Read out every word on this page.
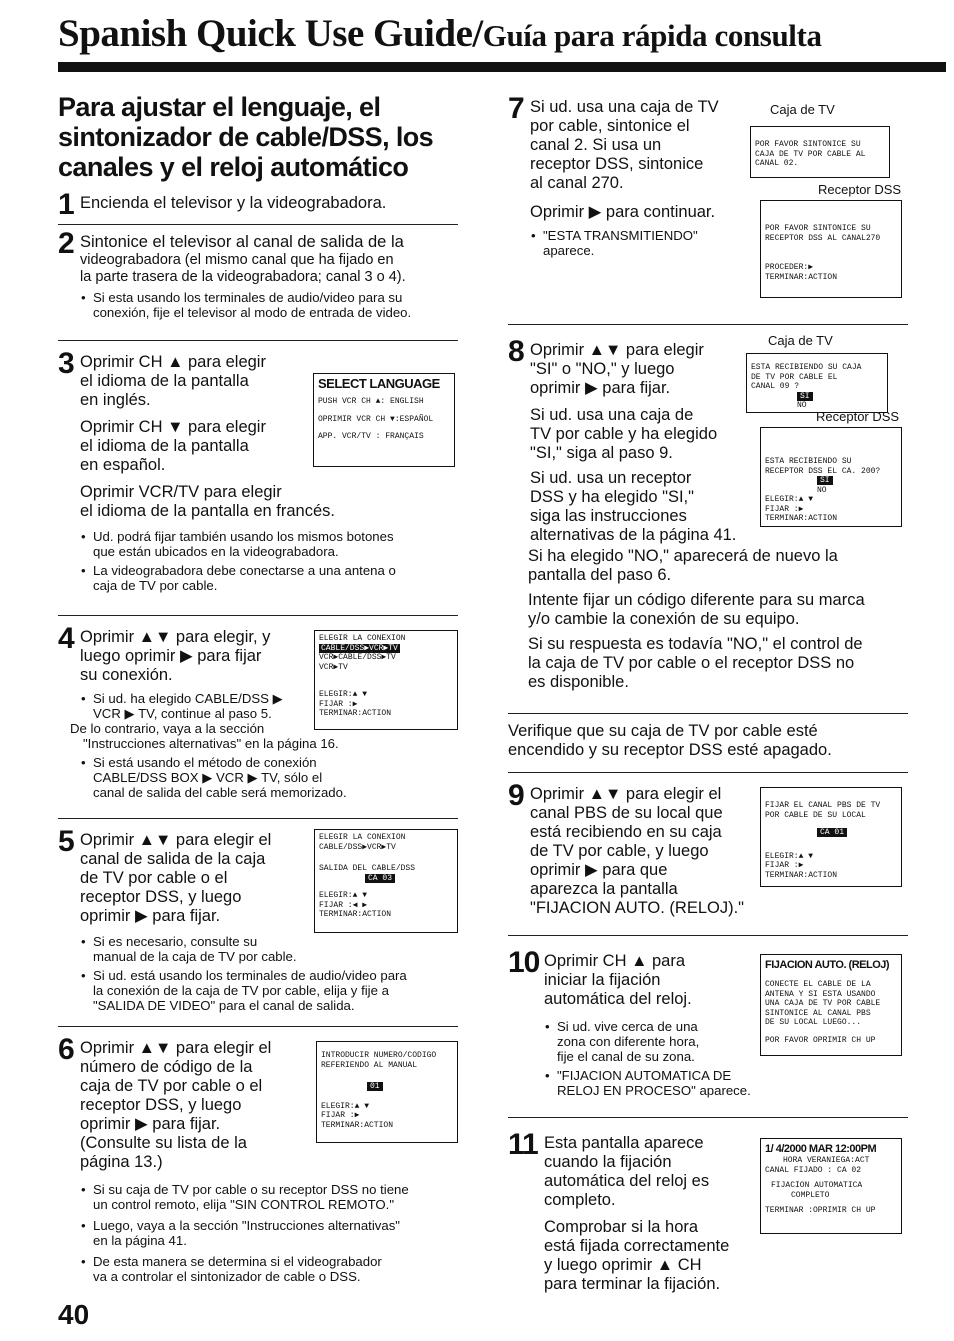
Spanish Quick Use Guide/Guía para rápida consulta
Para ajustar el lenguaje, el
sintonizador de cable/DSS, los
canales y el reloj automático
1 Encienda el televisor y la videograbadora.

2 Sintonice el televisor al canal de salida de la

videograbadora (el mismo canal que ha fijado en

la parte trasera de la videograbadora; canal 3 o 4).

• Si esta usando los terminales de audio/video para su
conexión, fije el televisor al modo de entrada de video.
3 Oprimir CH ▲ para elegir

el idioma de la pantalla

en inglés.

Oprimir CH ▼ para elegir

el idioma de la pantalla

en español.

Oprimir VCR/TV para elegir

el idioma de la pantalla en francés.

• Ud. podrá fijar también usando los mismos botones
que están ubicados en la videograbadora.
• La videograbadora debe conectarse a una antena o
caja de TV por cable.
SELECT LANGUAGE
PUSH VCR CH ▲: ENGLISH
OPRIMIR VCR CH ▼:ESPAÑOL
APP. VCR/TV : FRANÇAIS
4 Oprimir ▲▼ para elegir, y

luego oprimir ▶ para fijar

su conexión.

• Si ud. ha elegido CABLE/DSS ▶
VCR ▶ TV, continue al paso 5.
De lo contrario, vaya a la sección
"Instrucciones alternativas" en la página 16.
• Si está usando el método de conexión
CABLE/DSS BOX ▶ VCR ▶ TV, sólo el
canal de salida del cable será memorizado.
ELEGIR LA CONEXION
CABLE/DSS▶VCR▶TV
VCR▶CABLE/DSS▶TV
VCR▶TV
ELEGIR:▲ ▼
FIJAR :▶
TERMINAR:ACTION
5 Oprimir ▲▼ para elegir el

canal de salida de la caja

de TV por cable o el

receptor DSS, y luego

oprimir ▶ para fijar.

• Si es necesario, consulte su
manual de la caja de TV por cable.
• Si ud. está usando los terminales de audio/video para
la conexión de la caja de TV por cable, elija y fije a
"SALIDA DE VIDEO" para el canal de salida.
ELEGIR LA CONEXION
CABLE/DSS▶VCR▶TV
SALIDA DEL CABLE/DSS
CA 03
ELEGIR:▲ ▼
FIJAR :◀ ▶
TERMINAR:ACTION
6 Oprimir ▲▼ para elegir el

número de código de la

caja de TV por cable o el

receptor DSS, y luego

oprimir ▶ para fijar.

(Consulte su lista de la

página 13.)

• Si su caja de TV por cable o su receptor DSS no tiene
un control remoto, elija "SIN CONTROL REMOTO."
• Luego, vaya a la sección "Instrucciones alternativas"
en la página 41.
• De esta manera se determina si el videograbador
va a controlar el sintonizador de cable o DSS.
INTRODUCIR NUMERO/CODIGO
REFERIENDO AL MANUAL
01
ELEGIR:▲ ▼
FIJAR :▶
TERMINAR:ACTION
40
7 Si ud. usa una caja de TV

por cable, sintonice el

canal 2. Si usa un

receptor DSS, sintonice

al canal 270.

Oprimir ▶ para continuar.

• "ESTA TRANSMITIENDO"
aparece.
Caja de TV
POR FAVOR SINTONICE SU
CAJA DE TV POR CABLE AL
CANAL 02.
Receptor DSS
POR FAVOR SINTONICE SU
RECEPTOR DSS AL CANAL270
PROCEDER:▶
TERMINAR:ACTION
8 Oprimir ▲▼ para elegir

"SI" o "NO," y luego

oprimir ▶ para fijar.

Si ud. usa una caja de

TV por cable y ha elegido

"SI," siga al paso 9.

Si ud. usa un receptor

DSS y ha elegido "SI,"

siga las instrucciones

alternativas de la página 41.

Si ha elegido "NO," aparecerá de nuevo la

pantalla del paso 6.

Intente fijar un código diferente para su marca

y/o cambie la conexión de su equipo.

Si su respuesta es todavía "NO," el control de

la caja de TV por cable o el receptor DSS no

es disponible.

Caja de TV
ESTA RECIBIENDO SU CAJA
DE TV POR CABLE EL
CANAL 09 ?
SI
NO
Receptor DSS
ESTA RECIBIENDO SU
RECEPTOR DSS EL CA. 200?
SI
NO
ELEGIR:▲ ▼
FIJAR :▶
TERMINAR:ACTION

Verifique que su caja de TV por cable esté

encendido y su receptor DSS esté apagado.

9 Oprimir ▲▼ para elegir el

canal PBS de su local que

está recibiendo en su caja

de TV por cable, y luego

oprimir ▶ para que

aparezca la pantalla

"FIJACION AUTO. (RELOJ)."

FIJAR EL CANAL PBS DE TV
POR CABLE DE SU LOCAL
CA 01
ELEGIR:▲ ▼
FIJAR :▶
TERMINAR:ACTION
10 Oprimir CH ▲ para

iniciar la fijación

automática del reloj.

• Si ud. vive cerca de una
zona con diferente hora,
fije el canal de su zona.
• "FIJACION AUTOMATICA DE
RELOJ EN PROCESO" aparece.
FIJACION AUTO. (RELOJ)
CONECTE EL CABLE DE LA
ANTENA Y SI ESTA USANDO
UNA CAJA DE TV POR CABLE
SINTONICE AL CANAL PBS
DE SU LOCAL LUEGO...
POR FAVOR OPRIMIR CH UP
11 Esta pantalla aparece

cuando la fijación

automática del reloj es

completo.

Comprobar si la hora

está fijada correctamente

y luego oprimir ▲ CH

para terminar la fijación.

1/ 4/2000 MAR 12:00PM
HORA VERANIEGA:ACT
CANAL FIJADO : CA 02
FIJACION AUTOMATICA
COMPLETO
TERMINAR :OPRIMIR CH UP
